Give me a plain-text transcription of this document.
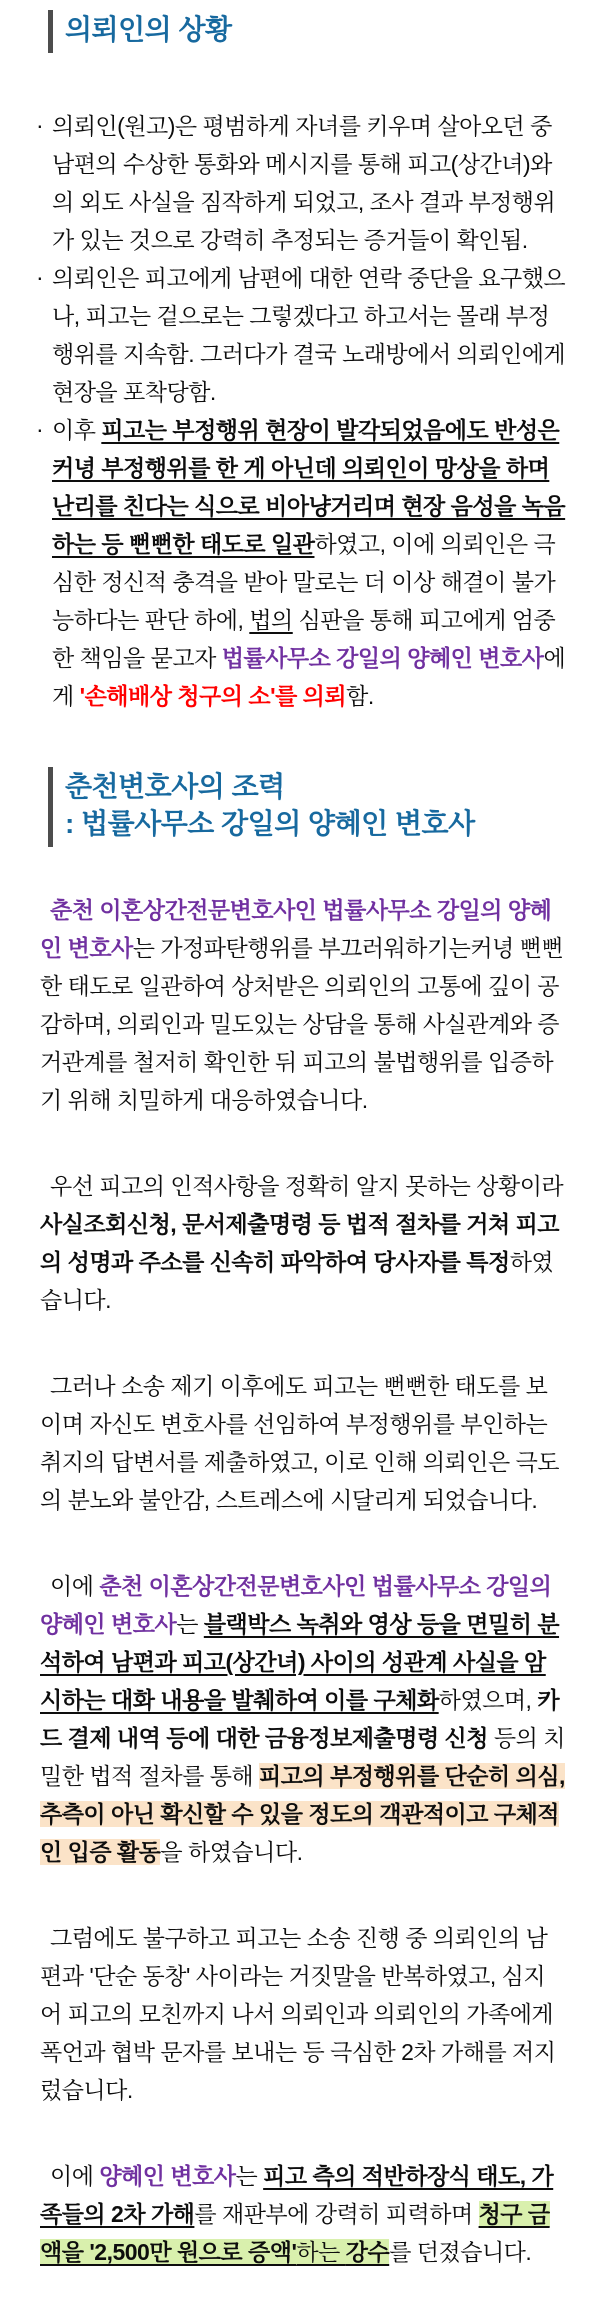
의뢰인의 상황
· 의뢰인(원고)은 평범하게 자녀를 키우며 살아오던 중 남편의 수상한 통화와 메시지를 통해 피고(상간녀)와의 외도 사실을 짐작하게 되었고, 조사 결과 부정행위가 있는 것으로 강력히 추정되는 증거들이 확인됨.
· 의뢰인은 피고에게 남편에 대한 연락 중단을 요구했으나, 피고는 겉으로는 그렇겠다고 하고서는 몰래 부정행위를 지속함. 그러다가 결국 노래방에서 의뢰인에게 현장을 포착당함.
· 이후 피고는 부정행위 현장이 발각되었음에도 반성은커녕 부정행위를 한 게 아닌데 의뢰인이 망상을 하며 난리를 친다는 식으로 비아냥거리며 현장 음성을 녹음하는 등 뻔뻔한 태도로 일관하였고, 이에 의뢰인은 극심한 정신적 충격을 받아 말로는 더 이상 해결이 불가능하다는 판단 하에, 법의 심판을 통해 피고에게 엄중한 책임을 묻고자 법률사무소 강일의 양혜인 변호사에게 '손해배상 청구의 소'를 의뢰함.
춘천변호사의 조력
: 법률사무소 강일의 양혜인 변호사

춘천 이혼상간전문변호사인 법률사무소 강일의 양혜인 변호사는 가정파탄행위를 부끄러워하기는커녕 뻔뻔한 태도로 일관하여 상처받은 의뢰인의 고통에 깊이 공감하며, 의뢰인과 밀도있는 상담을 통해 사실관계와 증거관계를 철저히 확인한 뒤 피고의 불법행위를 입증하기 위해 치밀하게 대응하였습니다.

우선 피고의 인적사항을 정확히 알지 못하는 상황이라 사실조회신청, 문서제출명령 등 법적 절차를 거쳐 피고의 성명과 주소를 신속히 파악하여 당사자를 특정하였습니다.

그러나 소송 제기 이후에도 피고는 뻔뻔한 태도를 보이며 자신도 변호사를 선임하여 부정행위를 부인하는 취지의 답변서를 제출하였고, 이로 인해 의뢰인은 극도의 분노와 불안감, 스트레스에 시달리게 되었습니다.

이에 춘천 이혼상간전문변호사인 법률사무소 강일의 양혜인 변호사는 블랙박스 녹취와 영상 등을 면밀히 분석하여 남편과 피고(상간녀) 사이의 성관계 사실을 암시하는 대화 내용을 발췌하여 이를 구체화하였으며, 카드 결제 내역 등에 대한 금융정보제출명령 신청 등의 치밀한 법적 절차를 통해 피고의 부정행위를 단순히 의심, 추측이 아닌 확신할 수 있을 정도의 객관적이고 구체적인 입증 활동을 하였습니다.

그럼에도 불구하고 피고는 소송 진행 중 의뢰인의 남편과 '단순 동창' 사이라는 거짓말을 반복하였고, 심지어 피고의 모친까지 나서 의뢰인과 의뢰인의 가족에게 폭언과 협박 문자를 보내는 등 극심한 2차 가해를 저지렀습니다.

이에 양혜인 변호사는 피고 측의 적반하장식 태도, 가족들의 2차 가해를 재판부에 강력히 피력하며 청구 금액을 '2,500만 원으로 증액'하는 강수를 던졌습니다.
